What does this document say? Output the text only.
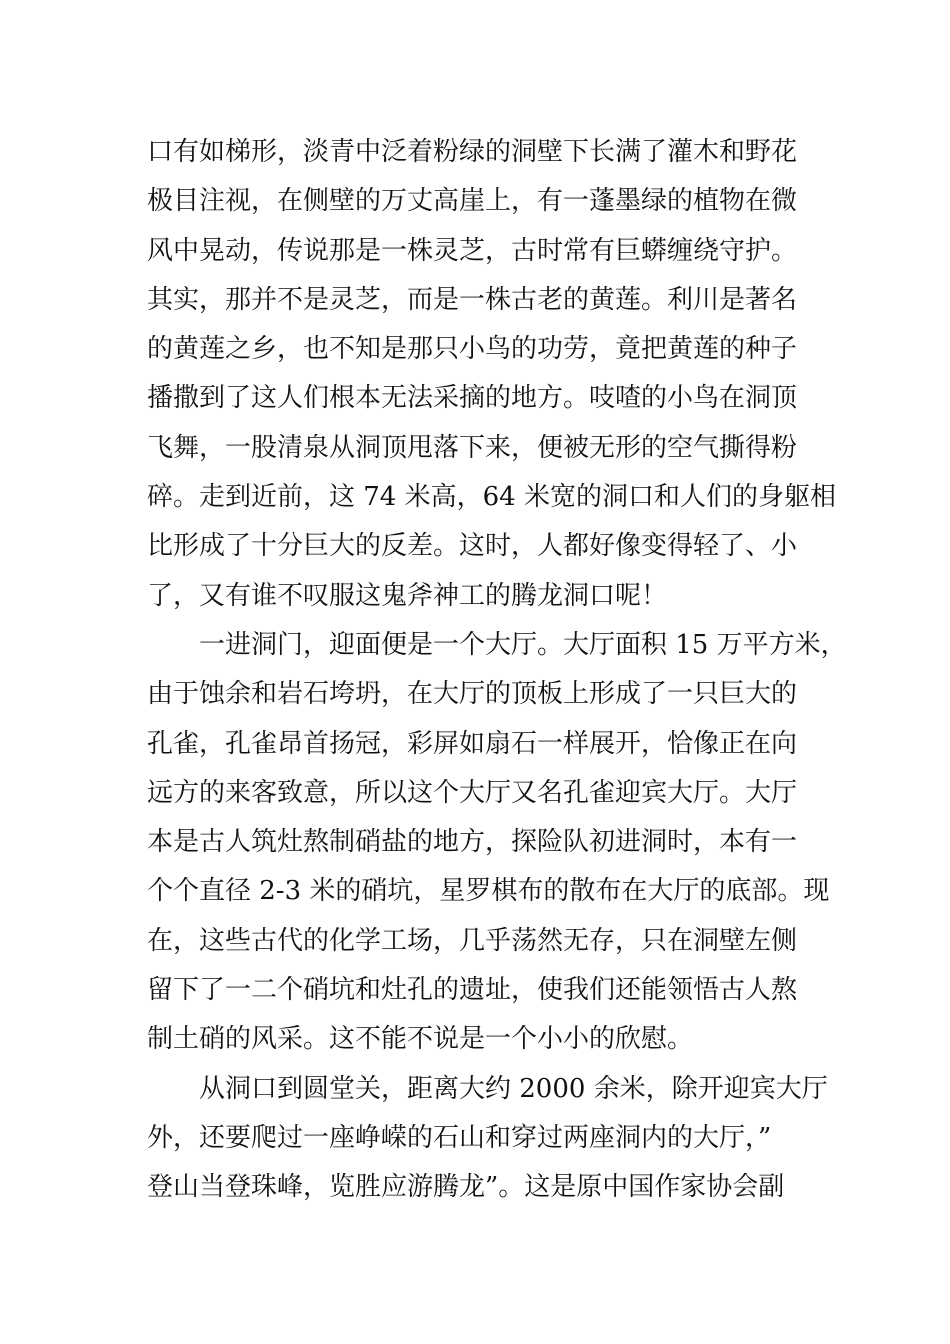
口有如梯形，淡青中泛着粉绿的洞壁下长满了灌木和野花
极目注视，在侧壁的万丈高崖上，有一蓬墨绿的植物在微
风中晃动，传说那是一株灵芝，古时常有巨蟒缠绕守护。
其实，那并不是灵芝，而是一株古老的黄莲。利川是著名
的黄莲之乡，也不知是那只小鸟的功劳，竟把黄莲的种子
播撒到了这人们根本无法采摘的地方。吱喳的小鸟在洞顶
飞舞，一股清泉从洞顶甩落下来，便被无形的空气撕得粉
碎。走到近前，这 74 米高，64 米宽的洞口和人们的身躯相
比形成了十分巨大的反差。这时，人都好像变得轻了、小
了，又有谁不叹服这鬼斧神工的腾龙洞口呢！
　　一进洞门，迎面便是一个大厅。大厅面积 15 万平方米，
由于蚀余和岩石垮坍，在大厅的顶板上形成了一只巨大的
孔雀，孔雀昂首扬冠，彩屏如扇石一样展开，恰像正在向
远方的来客致意，所以这个大厅又名孔雀迎宾大厅。大厅
本是古人筑灶熬制硝盐的地方，探险队初进洞时，本有一
个个直径 2-3 米的硝坑，星罗棋布的散布在大厅的底部。现
在，这些古代的化学工场，几乎荡然无存，只在洞壁左侧
留下了一二个硝坑和灶孔的遗址，使我们还能领悟古人熬
制土硝的风采。这不能不说是一个小小的欣慰。
　　从洞口到圆堂关，距离大约 2000 余米，除开迎宾大厅
外，还要爬过一座峥嵘的石山和穿过两座洞内的大厅，”
登山当登珠峰，览胜应游腾龙”。这是原中国作家协会副
